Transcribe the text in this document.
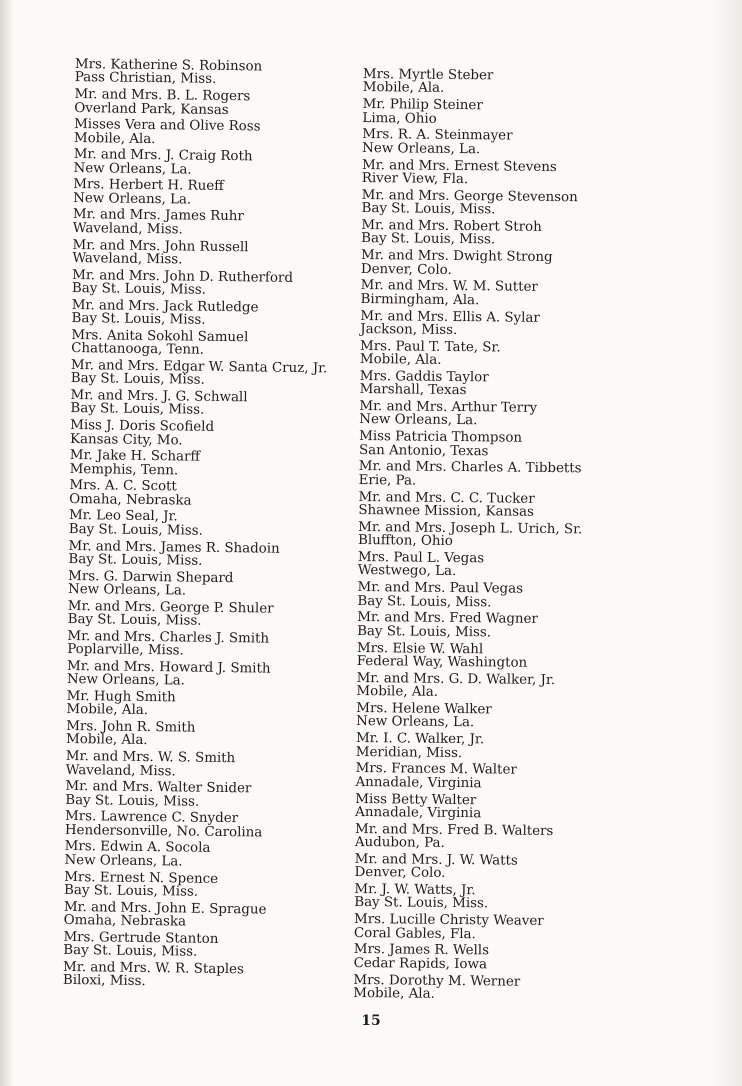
Mrs. Katherine S. Robinson
Pass Christian, Miss.
Mr. and Mrs. B. L. Rogers
Overland Park, Kansas
Misses Vera and Olive Ross
Mobile, Ala.
Mr. and Mrs. J. Craig Roth
New Orleans, La.
Mrs. Herbert H. Rueff
New Orleans, La.
Mr. and Mrs. James Ruhr
Waveland, Miss.
Mr. and Mrs. John Russell
Waveland, Miss.
Mr. and Mrs. John D. Rutherford
Bay St. Louis, Miss.
Mr. and Mrs. Jack Rutledge
Bay St. Louis, Miss.
Mrs. Anita Sokohl Samuel
Chattanooga, Tenn.
Mr. and Mrs. Edgar W. Santa Cruz, Jr.
Bay St. Louis, Miss.
Mr. and Mrs. J. G. Schwall
Bay St. Louis, Miss.
Miss J. Doris Scofield
Kansas City, Mo.
Mr. Jake H. Scharff
Memphis, Tenn.
Mrs. A. C. Scott
Omaha, Nebraska
Mr. Leo Seal, Jr.
Bay St. Louis, Miss.
Mr. and Mrs. James R. Shadoin
Bay St. Louis, Miss.
Mrs. G. Darwin Shepard
New Orleans, La.
Mr. and Mrs. George P. Shuler
Bay St. Louis, Miss.
Mr. and Mrs. Charles J. Smith
Poplarville, Miss.
Mr. and Mrs. Howard J. Smith
New Orleans, La.
Mr. Hugh Smith
Mobile, Ala.
Mrs. John R. Smith
Mobile, Ala.
Mr. and Mrs. W. S. Smith
Waveland, Miss.
Mr. and Mrs. Walter Snider
Bay St. Louis, Miss.
Mrs. Lawrence C. Snyder
Hendersonville, No. Carolina
Mrs. Edwin A. Socola
New Orleans, La.
Mrs. Ernest N. Spence
Bay St. Louis, Miss.
Mr. and Mrs. John E. Sprague
Omaha, Nebraska
Mrs. Gertrude Stanton
Bay St. Louis, Miss.
Mr. and Mrs. W. R. Staples
Biloxi, Miss.
Mrs. Myrtle Steber
Mobile, Ala.
Mr. Philip Steiner
Lima, Ohio
Mrs. R. A. Steinmayer
New Orleans, La.
Mr. and Mrs. Ernest Stevens
River View, Fla.
Mr. and Mrs. George Stevenson
Bay St. Louis, Miss.
Mr. and Mrs. Robert Stroh
Bay St. Louis, Miss.
Mr. and Mrs. Dwight Strong
Denver, Colo.
Mr. and Mrs. W. M. Sutter
Birmingham, Ala.
Mr. and Mrs. Ellis A. Sylar
Jackson, Miss.
Mrs. Paul T. Tate, Sr.
Mobile, Ala.
Mrs. Gaddis Taylor
Marshall, Texas
Mr. and Mrs. Arthur Terry
New Orleans, La.
Miss Patricia Thompson
San Antonio, Texas
Mr. and Mrs. Charles A. Tibbetts
Erie, Pa.
Mr. and Mrs. C. C. Tucker
Shawnee Mission, Kansas
Mr. and Mrs. Joseph L. Urich, Sr.
Bluffton, Ohio
Mrs. Paul L. Vegas
Westwego, La.
Mr. and Mrs. Paul Vegas
Bay St. Louis, Miss.
Mr. and Mrs. Fred Wagner
Bay St. Louis, Miss.
Mrs. Elsie W. Wahl
Federal Way, Washington
Mr. and Mrs. G. D. Walker, Jr.
Mobile, Ala.
Mrs. Helene Walker
New Orleans, La.
Mr. I. C. Walker, Jr.
Meridian, Miss.
Mrs. Frances M. Walter
Annadale, Virginia
Miss Betty Walter
Annadale, Virginia
Mr. and Mrs. Fred B. Walters
Audubon, Pa.
Mr. and Mrs. J. W. Watts
Denver, Colo.
Mr. J. W. Watts, Jr.
Bay St. Louis, Miss.
Mrs. Lucille Christy Weaver
Coral Gables, Fla.
Mrs. James R. Wells
Cedar Rapids, Iowa
Mrs. Dorothy M. Werner
Mobile, Ala.
15
